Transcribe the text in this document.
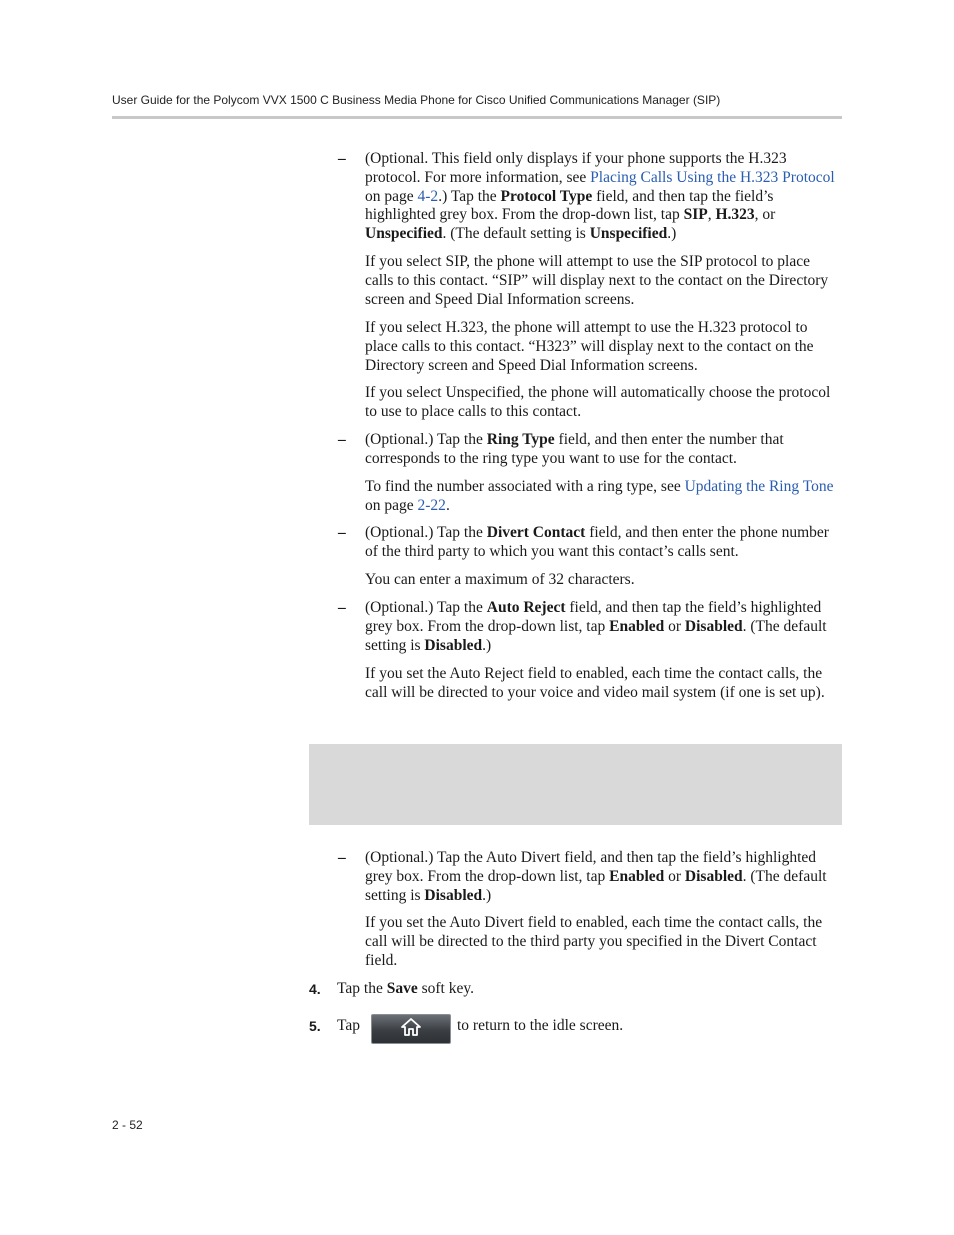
User Guide for the Polycom VVX 1500 C Business Media Phone for Cisco Unified Communications Manager (SIP)
– (Optional. This field only displays if your phone supports the H.323 protocol. For more information, see Placing Calls Using the H.323 Protocol on page 4-2.) Tap the Protocol Type field, and then tap the field’s highlighted grey box. From the drop-down list, tap SIP, H.323, or Unspecified. (The default setting is Unspecified.)
If you select SIP, the phone will attempt to use the SIP protocol to place calls to this contact. “SIP” will display next to the contact on the Directory screen and Speed Dial Information screens.
If you select H.323, the phone will attempt to use the H.323 protocol to place calls to this contact. “H323” will display next to the contact on the Directory screen and Speed Dial Information screens.
If you select Unspecified, the phone will automatically choose the protocol to use to place calls to this contact.
– (Optional.) Tap the Ring Type field, and then enter the number that corresponds to the ring type you want to use for the contact.
To find the number associated with a ring type, see Updating the Ring Tone on page 2-22.
– (Optional.) Tap the Divert Contact field, and then enter the phone number of the third party to which you want this contact’s calls sent.
You can enter a maximum of 32 characters.
– (Optional.) Tap the Auto Reject field, and then tap the field’s highlighted grey box. From the drop-down list, tap Enabled or Disabled. (The default setting is Disabled.)
If you set the Auto Reject field to enabled, each time the contact calls, the call will be directed to your voice and video mail system (if one is set up).
– (Optional.) Tap the Auto Divert field, and then tap the field’s highlighted grey box. From the drop-down list, tap Enabled or Disabled. (The default setting is Disabled.)
If you set the Auto Divert field to enabled, each time the contact calls, the call will be directed to the third party you specified in the Divert Contact field.
4. Tap the Save soft key.
5. Tap	to return to the idle screen.
2 - 52
